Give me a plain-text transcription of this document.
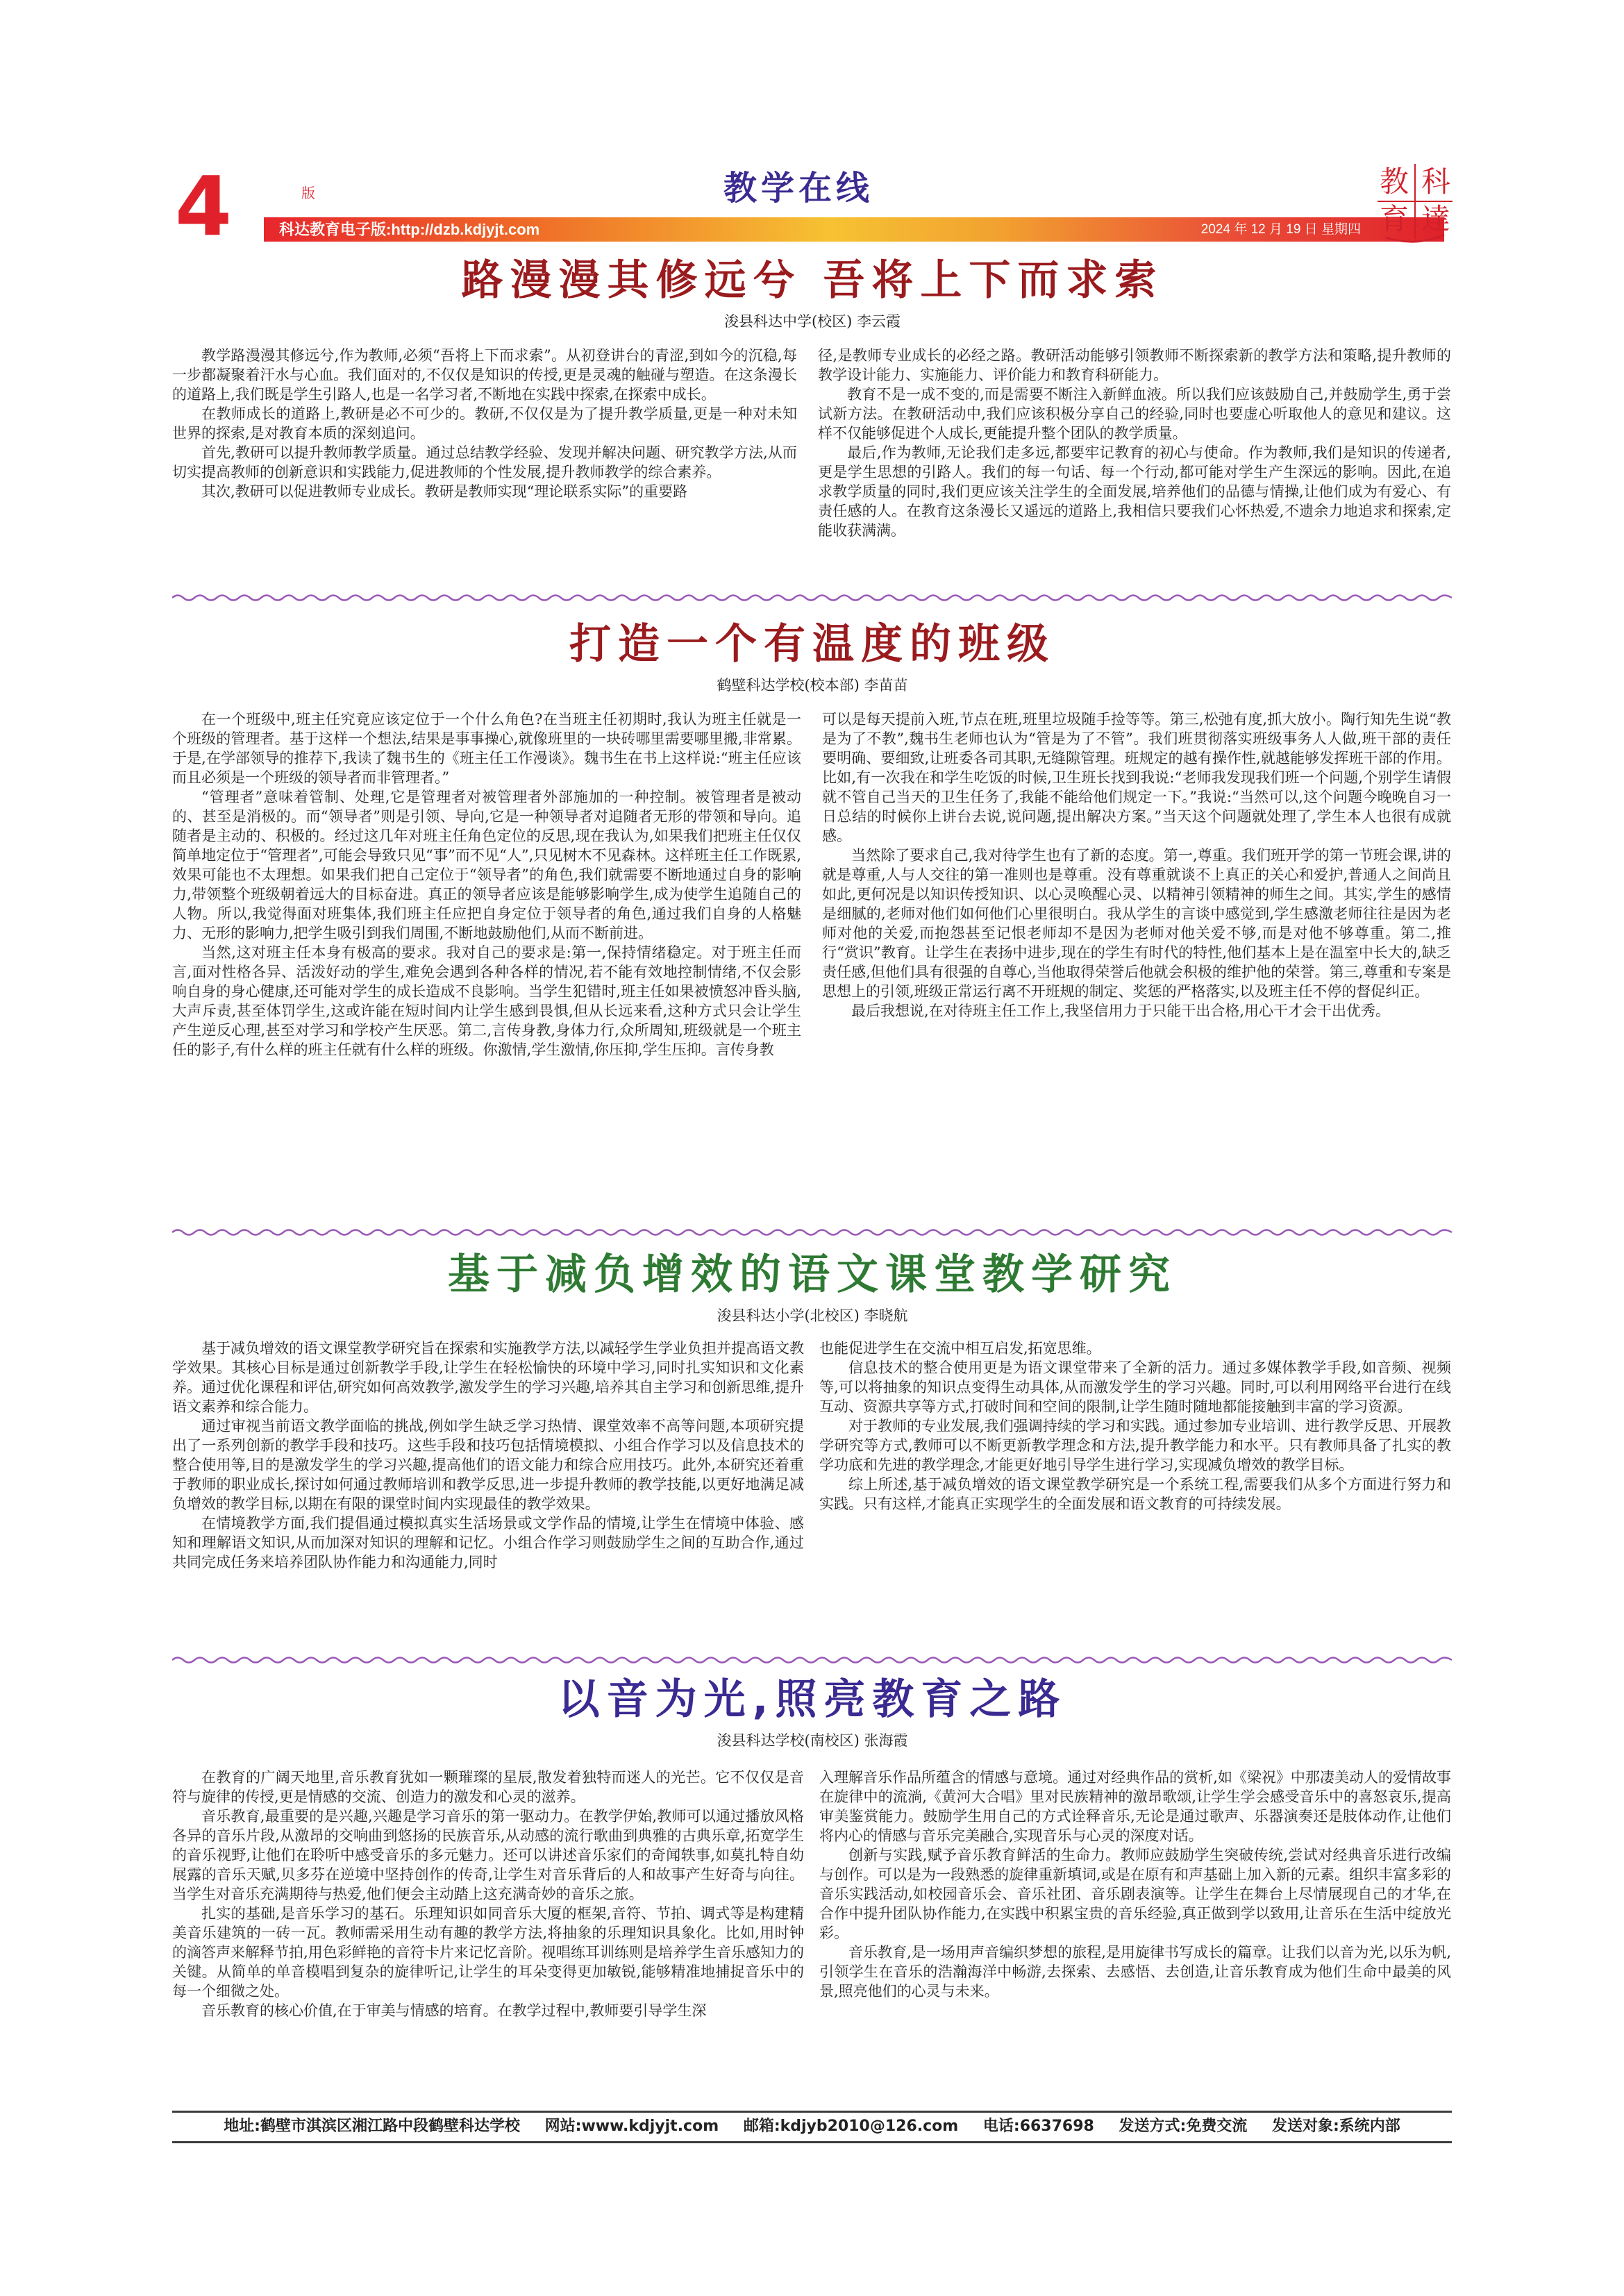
4	版	教学在线
科达教育电子版:http://dzb.kdjyjt.com	2024 年 12 月 19 日 星期四
教 科
育 達
路漫漫其修远兮 吾将上下而求索
浚县科达中学(校区) 李云霞

教学路漫漫其修远兮,作为教师,必须“吾将上下而求索”。从初登讲台的青涩,到如今的沉稳,每一步都凝聚着汗水与心血。我们面对的,不仅仅是知识的传授,更是灵魂的触碰与塑造。在这条漫长的道路上,我们既是学生引路人,也是一名学习者,不断地在实践中探索,在探索中成长。

在教师成长的道路上,教研是必不可少的。教研,不仅仅是为了提升教学质量,更是一种对未知世界的探索,是对教育本质的深刻追问。

首先,教研可以提升教师教学质量。通过总结教学经验、发现并解决问题、研究教学方法,从而切实提高教师的创新意识和实践能力,促进教师的个性发展,提升教师教学的综合素养。

其次,教研可以促进教师专业成长。教研是教师实现“理论联系实际”的重要路

径,是教师专业成长的必经之路。教研活动能够引领教师不断探索新的教学方法和策略,提升教师的教学设计能力、实施能力、评价能力和教育科研能力。

教育不是一成不变的,而是需要不断注入新鲜血液。所以我们应该鼓励自己,并鼓励学生,勇于尝试新方法。在教研活动中,我们应该积极分享自己的经验,同时也要虚心听取他人的意见和建议。这样不仅能够促进个人成长,更能提升整个团队的教学质量。

最后,作为教师,无论我们走多远,都要牢记教育的初心与使命。作为教师,我们是知识的传递者,更是学生思想的引路人。我们的每一句话、每一个行动,都可能对学生产生深远的影响。因此,在追求教学质量的同时,我们更应该关注学生的全面发展,培养他们的品德与情操,让他们成为有爱心、有责任感的人。在教育这条漫长又遥远的道路上,我相信只要我们心怀热爱,不遗余力地追求和探索,定能收获满满。

打造一个有温度的班级
鹤壁科达学校(校本部) 李苗苗

在一个班级中,班主任究竟应该定位于一个什么角色?在当班主任初期时,我认为班主任就是一个班级的管理者。基于这样一个想法,结果是事事操心,就像班里的一块砖哪里需要哪里搬,非常累。于是,在学部领导的推荐下,我读了魏书生的《班主任工作漫谈》。魏书生在书上这样说:“班主任应该而且必须是一个班级的领导者而非管理者。”

“管理者”意味着管制、处理,它是管理者对被管理者外部施加的一种控制。被管理者是被动的、甚至是消极的。而“领导者”则是引领、导向,它是一种领导者对追随者无形的带领和导向。追随者是主动的、积极的。经过这几年对班主任角色定位的反思,现在我认为,如果我们把班主任仅仅简单地定位于“管理者”,可能会导致只见“事”而不见“人”,只见树木不见森林。这样班主任工作既累,效果可能也不太理想。如果我们把自己定位于“领导者”的角色,我们就需要不断地通过自身的影响力,带领整个班级朝着远大的目标奋进。真正的领导者应该是能够影响学生,成为使学生追随自己的人物。所以,我觉得面对班集体,我们班主任应把自身定位于领导者的角色,通过我们自身的人格魅力、无形的影响力,把学生吸引到我们周围,不断地鼓励他们,从而不断前进。

当然,这对班主任本身有极高的要求。我对自己的要求是:第一,保持情绪稳定。对于班主任而言,面对性格各异、活泼好动的学生,难免会遇到各种各样的情况,若不能有效地控制情绪,不仅会影响自身的身心健康,还可能对学生的成长造成不良影响。当学生犯错时,班主任如果被愤怒冲昏头脑,大声斥责,甚至体罚学生,这或许能在短时间内让学生感到畏惧,但从长远来看,这种方式只会让学生产生逆反心理,甚至对学习和学校产生厌恶。第二,言传身教,身体力行,众所周知,班级就是一个班主任的影子,有什么样的班主任就有什么样的班级。你激情,学生激情,你压抑,学生压抑。言传身教

可以是每天提前入班,节点在班,班里垃圾随手捡等等。第三,松弛有度,抓大放小。陶行知先生说“教是为了不教”,魏书生老师也认为“管是为了不管”。我们班贯彻落实班级事务人人做,班干部的责任要明确、要细致,让班委各司其职,无缝隙管理。班规定的越有操作性,就越能够发挥班干部的作用。比如,有一次我在和学生吃饭的时候,卫生班长找到我说:“老师我发现我们班一个问题,个别学生请假就不管自己当天的卫生任务了,我能不能给他们规定一下。”我说:“当然可以,这个问题今晚晚自习一日总结的时候你上讲台去说,说问题,提出解决方案。”当天这个问题就处理了,学生本人也很有成就感。

当然除了要求自己,我对待学生也有了新的态度。第一,尊重。我们班开学的第一节班会课,讲的就是尊重,人与人交往的第一准则也是尊重。没有尊重就谈不上真正的关心和爱护,普通人之间尚且如此,更何况是以知识传授知识、以心灵唤醒心灵、以精神引领精神的师生之间。其实,学生的感情是细腻的,老师对他们如何他们心里很明白。我从学生的言谈中感觉到,学生感激老师往往是因为老师对他的关爱,而抱怨甚至记恨老师却不是因为老师对他关爱不够,而是对他不够尊重。第二,推行“赏识”教育。让学生在表扬中进步,现在的学生有时代的特性,他们基本上是在温室中长大的,缺乏责任感,但他们具有很强的自尊心,当他取得荣誉后他就会积极的维护他的荣誉。第三,尊重和专案是思想上的引领,班级正常运行离不开班规的制定、奖惩的严格落实,以及班主任不停的督促纠正。

最后我想说,在对待班主任工作上,我坚信用力于只能干出合格,用心干才会干出优秀。

基于减负增效的语文课堂教学研究
浚县科达小学(北校区) 李晓航

基于减负增效的语文课堂教学研究旨在探索和实施教学方法,以减轻学生学业负担并提高语文教学效果。其核心目标是通过创新教学手段,让学生在轻松愉快的环境中学习,同时扎实知识和文化素养。通过优化课程和评估,研究如何高效教学,激发学生的学习兴趣,培养其自主学习和创新思维,提升语文素养和综合能力。

通过审视当前语文教学面临的挑战,例如学生缺乏学习热情、课堂效率不高等问题,本项研究提出了一系列创新的教学手段和技巧。这些手段和技巧包括情境模拟、小组合作学习以及信息技术的整合使用等,目的是激发学生的学习兴趣,提高他们的语文能力和综合应用技巧。此外,本研究还着重于教师的职业成长,探讨如何通过教师培训和教学反思,进一步提升教师的教学技能,以更好地满足减负增效的教学目标,以期在有限的课堂时间内实现最佳的教学效果。

在情境教学方面,我们提倡通过模拟真实生活场景或文学作品的情境,让学生在情境中体验、感知和理解语文知识,从而加深对知识的理解和记忆。小组合作学习则鼓励学生之间的互助合作,通过共同完成任务来培养团队协作能力和沟通能力,同时

也能促进学生在交流中相互启发,拓宽思维。

信息技术的整合使用更是为语文课堂带来了全新的活力。通过多媒体教学手段,如音频、视频等,可以将抽象的知识点变得生动具体,从而激发学生的学习兴趣。同时,可以利用网络平台进行在线互动、资源共享等方式,打破时间和空间的限制,让学生随时随地都能接触到丰富的学习资源。

对于教师的专业发展,我们强调持续的学习和实践。通过参加专业培训、进行教学反思、开展教学研究等方式,教师可以不断更新教学理念和方法,提升教学能力和水平。只有教师具备了扎实的教学功底和先进的教学理念,才能更好地引导学生进行学习,实现减负增效的教学目标。

综上所述,基于减负增效的语文课堂教学研究是一个系统工程,需要我们从多个方面进行努力和实践。只有这样,才能真正实现学生的全面发展和语文教育的可持续发展。

以音为光,照亮教育之路
浚县科达学校(南校区) 张海霞

在教育的广阔天地里,音乐教育犹如一颗璀璨的星辰,散发着独特而迷人的光芒。它不仅仅是音符与旋律的传授,更是情感的交流、创造力的激发和心灵的滋养。

音乐教育,最重要的是兴趣,兴趣是学习音乐的第一驱动力。在教学伊始,教师可以通过播放风格各异的音乐片段,从激昂的交响曲到悠扬的民族音乐,从动感的流行歌曲到典雅的古典乐章,拓宽学生的音乐视野,让他们在聆听中感受音乐的多元魅力。还可以讲述音乐家们的奇闻轶事,如莫扎特自幼展露的音乐天赋,贝多芬在逆境中坚持创作的传奇,让学生对音乐背后的人和故事产生好奇与向往。当学生对音乐充满期待与热爱,他们便会主动踏上这充满奇妙的音乐之旅。

扎实的基础,是音乐学习的基石。乐理知识如同音乐大厦的框架,音符、节拍、调式等是构建精美音乐建筑的一砖一瓦。教师需采用生动有趣的教学方法,将抽象的乐理知识具象化。比如,用时钟的滴答声来解释节拍,用色彩鲜艳的音符卡片来记忆音阶。视唱练耳训练则是培养学生音乐感知力的关键。从简单的单音模唱到复杂的旋律听记,让学生的耳朵变得更加敏锐,能够精准地捕捉音乐中的每一个细微之处。

音乐教育的核心价值,在于审美与情感的培育。在教学过程中,教师要引导学生深

入理解音乐作品所蕴含的情感与意境。通过对经典作品的赏析,如《梁祝》中那凄美动人的爱情故事在旋律中的流淌,《黄河大合唱》里对民族精神的激昂歌颂,让学生学会感受音乐中的喜怒哀乐,提高审美鉴赏能力。鼓励学生用自己的方式诠释音乐,无论是通过歌声、乐器演奏还是肢体动作,让他们将内心的情感与音乐完美融合,实现音乐与心灵的深度对话。

创新与实践,赋予音乐教育鲜活的生命力。教师应鼓励学生突破传统,尝试对经典音乐进行改编与创作。可以是为一段熟悉的旋律重新填词,或是在原有和声基础上加入新的元素。组织丰富多彩的音乐实践活动,如校园音乐会、音乐社团、音乐剧表演等。让学生在舞台上尽情展现自己的才华,在合作中提升团队协作能力,在实践中积累宝贵的音乐经验,真正做到学以致用,让音乐在生活中绽放光彩。

音乐教育,是一场用声音编织梦想的旅程,是用旋律书写成长的篇章。让我们以音为光,以乐为帆,引领学生在音乐的浩瀚海洋中畅游,去探索、去感悟、去创造,让音乐教育成为他们生命中最美的风景,照亮他们的心灵与未来。

地址:鹤壁市淇滨区湘江路中段鹤壁科达学校 网站:www.kdjyjt.com 邮箱:kdjyb2010@126.com 电话:6637698 发送方式:免费交流 发送对象:系统内部
